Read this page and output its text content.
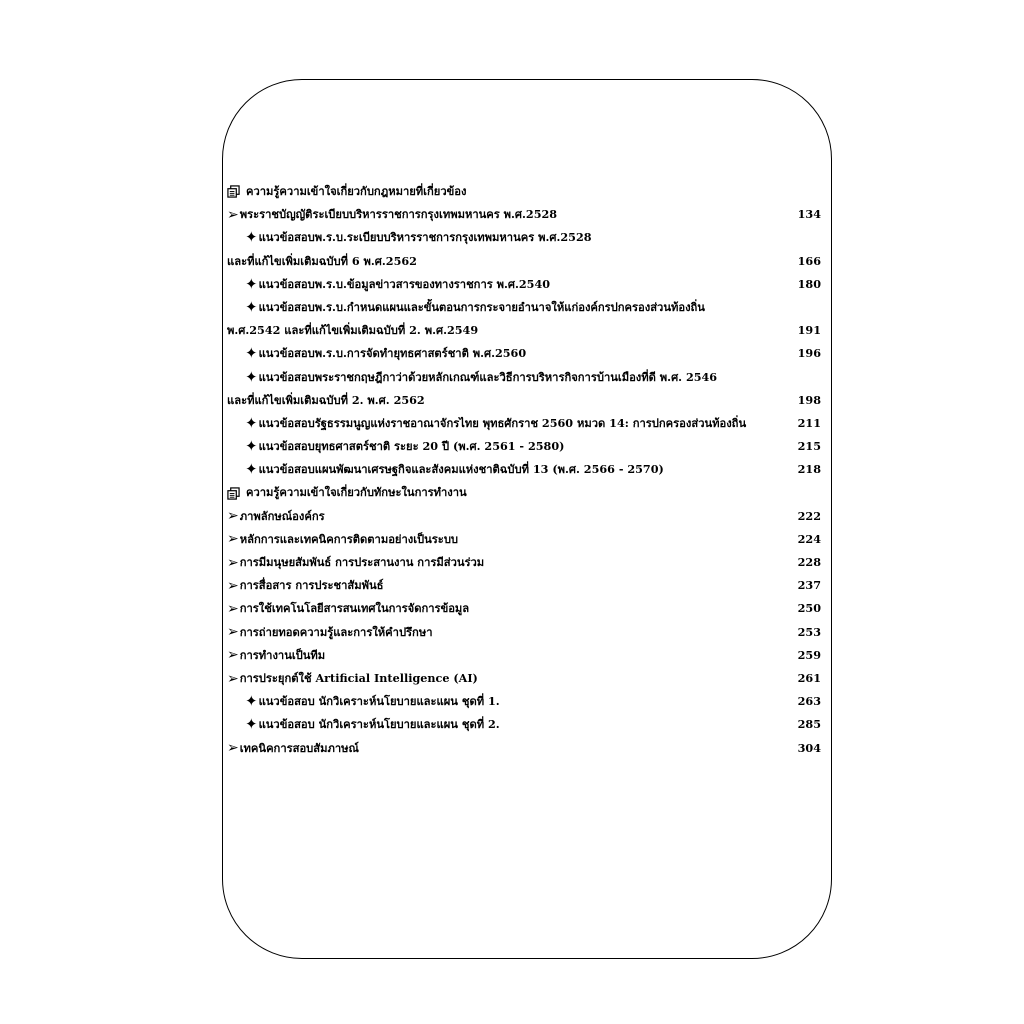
ความรู้ความเข้าใจเกี่ยวกับกฎหมายที่เกี่ยวข้อง
➢ พระราชบัญญัติระเบียบบริหารราชการกรุงเทพมหานคร พ.ศ.2528	134
✦ แนวข้อสอบพ.ร.บ.ระเบียบบริหารราชการกรุงเทพมหานคร พ.ศ.2528
และที่แก้ไขเพิ่มเติมฉบับที่ 6 พ.ศ.2562	166
✦ แนวข้อสอบพ.ร.บ.ข้อมูลข่าวสารของทางราชการ พ.ศ.2540	180
✦ แนวข้อสอบพ.ร.บ.กำหนดแผนและขั้นตอนการกระจายอำนาจให้แก่องค์กรปกครองส่วนท้องถิ่น
พ.ศ.2542 และที่แก้ไขเพิ่มเติมฉบับที่ 2. พ.ศ.2549	191
✦ แนวข้อสอบพ.ร.บ.การจัดทำยุทธศาสตร์ชาติ พ.ศ.2560	196
✦ แนวข้อสอบพระราชกฤษฎีกาว่าด้วยหลักเกณฑ์และวิธีการบริหารกิจการบ้านเมืองที่ดี พ.ศ. 2546
และที่แก้ไขเพิ่มเติมฉบับที่ 2. พ.ศ. 2562	198
✦ แนวข้อสอบรัฐธรรมนูญแห่งราชอาณาจักรไทย พุทธศักราช 2560 หมวด 14: การปกครองส่วนท้องถิ่น	211
✦ แนวข้อสอบยุทธศาสตร์ชาติ ระยะ 20 ปี (พ.ศ. 2561 - 2580)	215
✦ แนวข้อสอบแผนพัฒนาเศรษฐกิจและสังคมแห่งชาติฉบับที่ 13 (พ.ศ. 2566 - 2570)	218
ความรู้ความเข้าใจเกี่ยวกับทักษะในการทำงาน
➢ ภาพลักษณ์องค์กร	222
➢ หลักการและเทคนิคการติดตามอย่างเป็นระบบ	224
➢ การมีมนุษยสัมพันธ์ การประสานงาน การมีส่วนร่วม	228
➢ การสื่อสาร การประชาสัมพันธ์	237
➢ การใช้เทคโนโลยีสารสนเทศในการจัดการข้อมูล	250
➢ การถ่ายทอดความรู้และการให้คำปรึกษา	253
➢ การทำงานเป็นทีม	259
➢ การประยุกต์ใช้ Artificial Intelligence (AI)	261
✦ แนวข้อสอบ นักวิเคราะห์นโยบายและแผน ชุดที่ 1.	263
✦ แนวข้อสอบ นักวิเคราะห์นโยบายและแผน ชุดที่ 2.	285
➢ เทคนิคการสอบสัมภาษณ์	304
